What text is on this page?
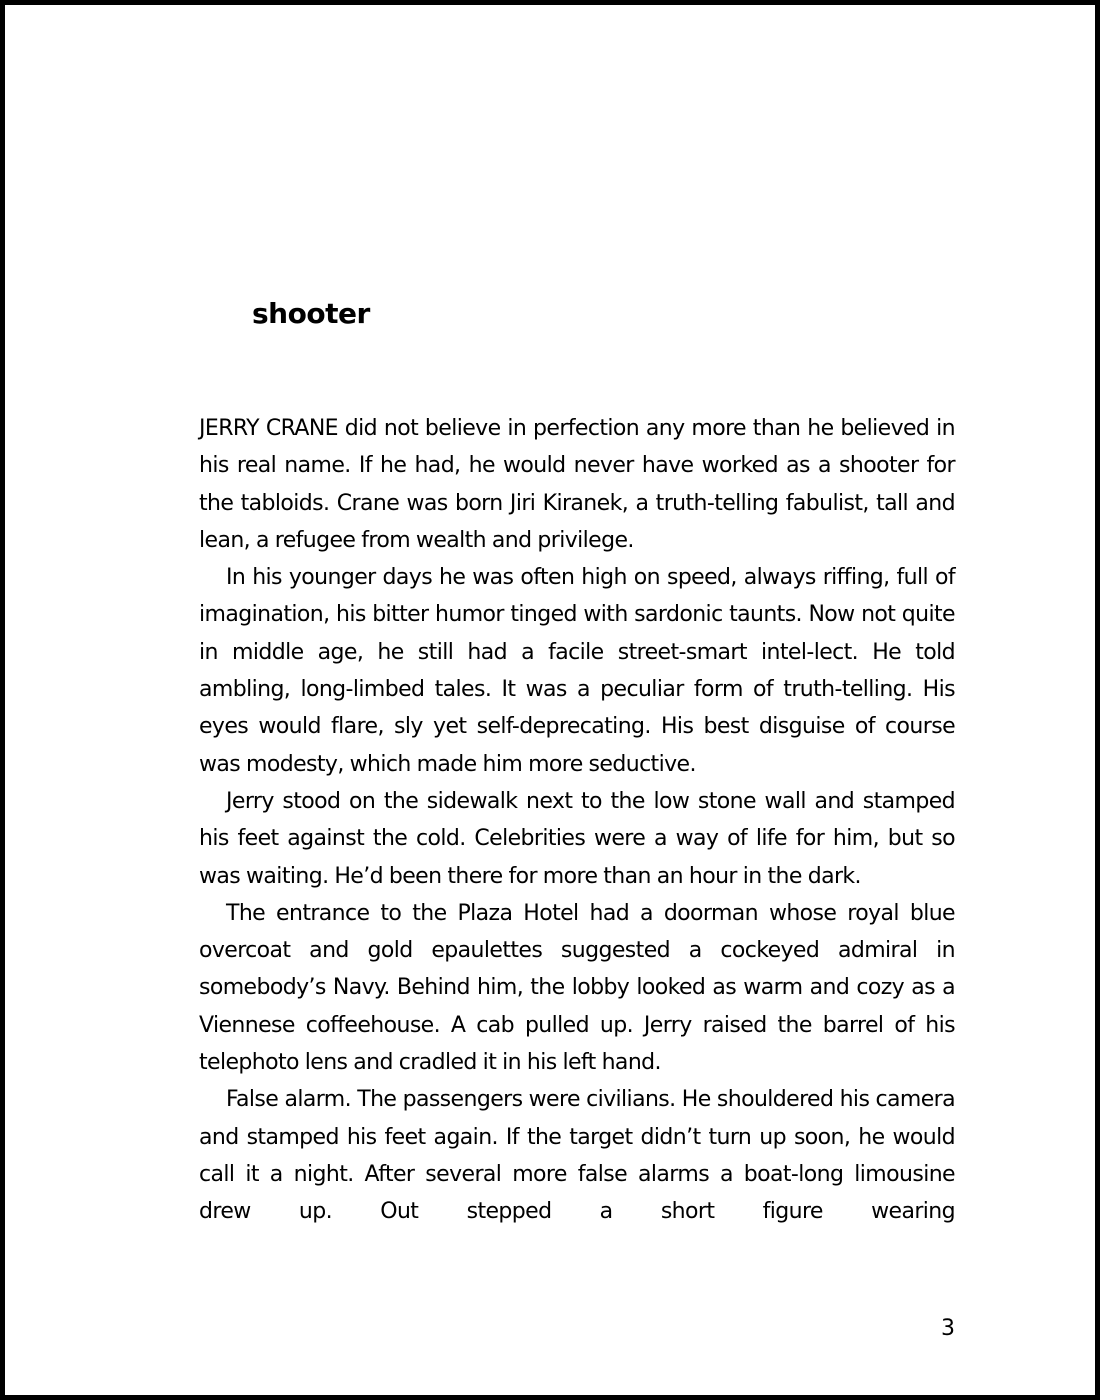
shooter

JERRY CRANE did not believe in perfection any more than he believed in his real name. If he had, he would never have worked as a shooter for the tabloids. Crane was born Jiri Kiranek, a truth-telling fabulist, tall and lean, a refugee from wealth and privilege.

In his younger days he was often high on speed, always riffing, full of imagination, his bitter humor tinged with sardonic taunts. Now not quite in middle age, he still had a facile street-smart intel-lect. He told ambling, long-limbed tales. It was a peculiar form of truth-telling. His eyes would flare, sly yet self-deprecating. His best disguise of course was modesty, which made him more seductive.

Jerry stood on the sidewalk next to the low stone wall and stamped his feet against the cold. Celebrities were a way of life for him, but so was waiting. He’d been there for more than an hour in the dark.

The entrance to the Plaza Hotel had a doorman whose royal blue overcoat and gold epaulettes suggested a cockeyed admiral in somebody’s Navy. Behind him, the lobby looked as warm and cozy as a Viennese coffeehouse. A cab pulled up. Jerry raised the barrel of his telephoto lens and cradled it in his left hand.

False alarm. The passengers were civilians. He shouldered his camera and stamped his feet again. If the target didn’t turn up soon, he would call it a night. After several more false alarms a boat-long limousine drew up. Out stepped a short figure wearing

3
